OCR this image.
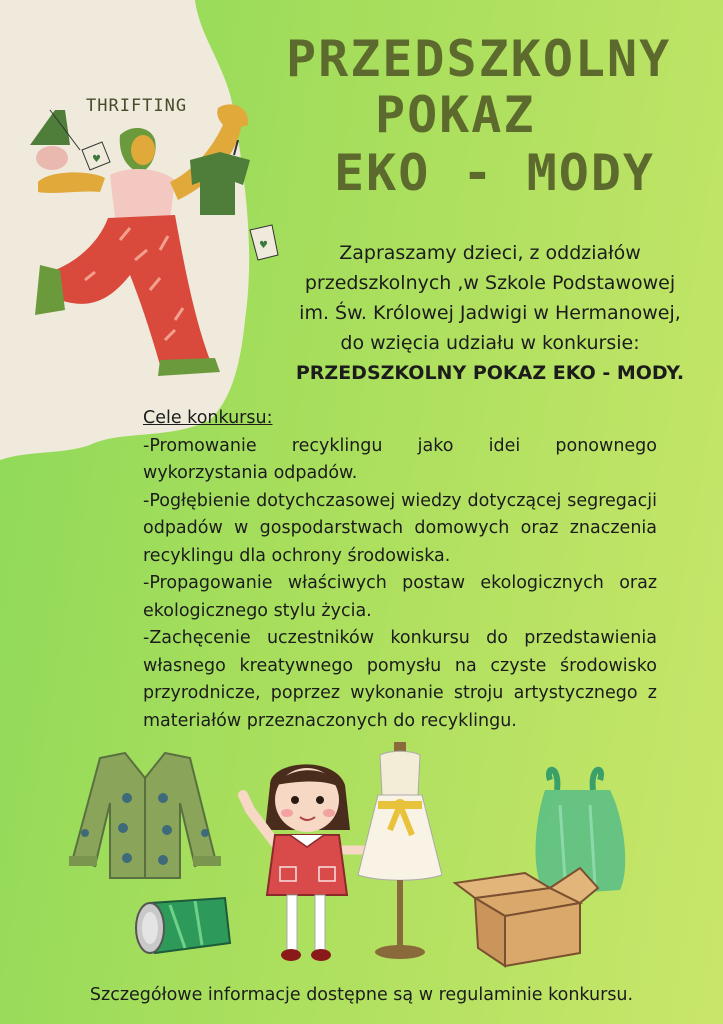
THRIFTING
♥
♥
PRZEDSZKOLNY
POKAZ
EKO - MODY
Zapraszamy dzieci, z oddziałów
przedszkolnych ,w Szkole Podstawowej
im. Św. Królowej Jadwigi w Hermanowej,
do wzięcia udziału w konkursie:
PRZEDSZKOLNY POKAZ EKO - MODY.
Cele konkursu:
-Promowanie recyklingu jako idei ponownego wykorzystania odpadów.
-Pogłębienie dotychczasowej wiedzy dotyczącej segregacji odpadów w gospodarstwach domowych oraz znaczenia recyklingu dla ochrony środowiska.
-Propagowanie właściwych postaw ekologicznych oraz ekologicznego stylu życia.
-Zachęcenie uczestników konkursu do przedstawienia własnego kreatywnego pomysłu na czyste środowisko przyrodnicze, poprzez wykonanie stroju artystycznego z materiałów przeznaczonych do recyklingu.
Szczegółowe informacje dostępne są w regulaminie konkursu.
